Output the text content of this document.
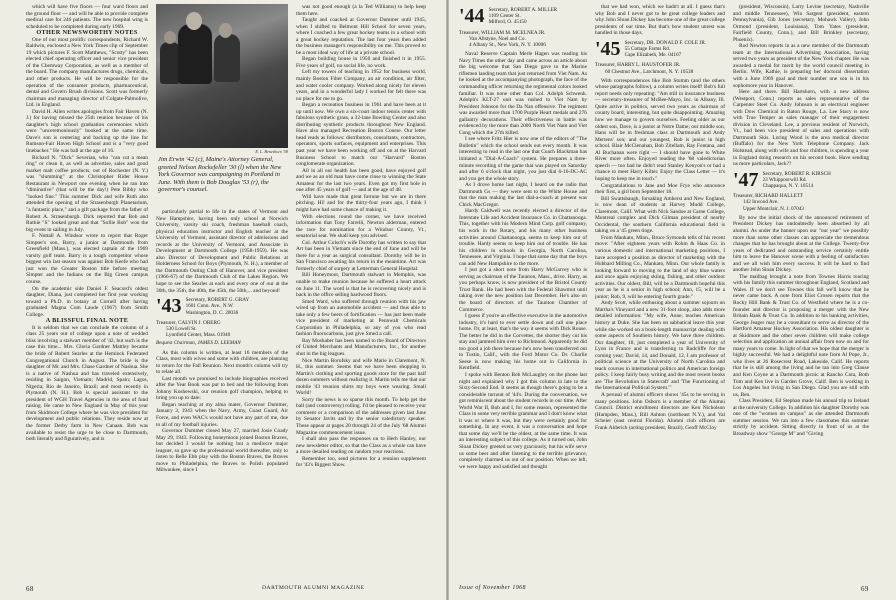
which will have five floors — four ward floors and the ground floor — and will be able to provide complete medical care for 246 patients. The new hospital wing is scheduled to be completed during early 1969.

OTHER NEWSWORTHY NOTES

One of our most prolific correspondents, Richard W. Baldwin, enclosed a New York Times clip of September 19 which pictures F. Scott Matthews, "Scotty" has been elected chief operating officer and senior vice president of the Chemway Corporation, as well as a member of the board. The company manufactures drugs, chemicals, and other products. He will be responsible for the operation of the consumer products, pharmaceutical, dental and Govern Brush divisions. Scott was formerly chairman and managing director of Colgate-Palmolive, Ltd. in England.

David H. Allen writes apologies from Fair Haven (N. J.) for having missed the 25th reunion because of his daughter's high school graduation ceremonies which were "unceremoniously" booked at the same time. Dave's son is centering and backing up the line for Rumson-Fair Haven High School and is a "very good linebacker." He was ball at the age of 16.

Richard N. "Dick" Severian, who "can cut a mean ring" or clean it, as well as advertise, sales and good market malt coffee products, out of Rochester (N. Y.) was "slumming" at the Christopher Rider House Restaurant in Newport one evening when he ran into "diminutive" (that will be the day!) Pete Bibby who "looked fine." This summer Dick and wife Ruth also attended the opening of the Strasenburgh Planetarium, "a fantastic place," and a gift package from the father of Robert A. Strasenburgh. Dick reported that Bob and Ruthie "S" looked great and that "Sollie Bob" won the big event in sailing in July.

F. Nuttall A. Windsor wrote to report that Roger Simpter's son, Barry, a junior at Dartmouth from Greenfield (Mass.), was elected captain of the 1969 varsity golf team. Barry is a tough competitor whose biggest win last season was against Bob Keefe who had just won the Greater Boston title before meeting Simpter and the Indians on the Big Green campus course.

On the academic side Daniel F. Seacord's oldest daughter, Diana, just completed her first year working toward a Ph.D. in botany at Cornell after having graduated Magna Cum Laude (1967) from Smith College.

A BLISSFUL FINAL NOTE

It is seldom that we can conclude the column of a class 25 years out of college upon a note of wedded bliss involving a stalwart member of '42, but such is the case this time... Mrs. Gloria Gardner Mattley became the bride of Robert Searles at the Hemlock Federated Congregational Church in August. The bride is the daughter of Mr. and Mrs. Chase Gardner of Nashua. She is a native of Nashua and has traveled extensively, residing in Saigon, Vietnam; Madrid, Spain; Lagos, Nigeria; Rio de Janeiro, Brazil; and most recently in Plymouth (N. H.). Bob is special assistant to the president of WGH Travel Agencies in the area of fund raising. He came to New England in May of this year from Skidmore College where he was vice president for development and public relations. They reside now at the former Derby farm in New Canaan. Bob was available to resist the urge to be close to Dartmouth, both literally and figuratively, and is

E. L. Benedixen '58
Jim Erwin '42 (c), Maine's Attorney General, greeted Nelson Rockefeller '30 (l) when the New York Governor was campaigning in Portland in June. With them is Bob Douglas '53 (r), the governor's counsel.

particularly partial to life in the states of Vermont and New Hampshire, having been only school at Norwich University, varsity ski coach, freshman baseball coach, physical education instructor and English teacher at the University of Vermont, assistant director of admissions and records at the University of Vermont, and Associate in Development at Dartmouth College (1958-1959). He was also Director of Development and Public Relations at Holderness School for Boys (Plymouth, N. H.), a member of the Dartmouth Outing Club of Hanover, and vice president (1966-67) of the Dartmouth Club of the Lakes Region. We hope to see the Searles at each and every one of our at the 30th, the 35th, the 40th, the 45th, the 50th,... and beyond!

'43 Secretary, ROBERT G. GRAY
1601 Conn. Ave., N.W.
Washington, D. C. 20036
Treasurer, CALVIN J. OBERG
530 Lowell St.
Lynnfield Center, Mass. 01940
Bequest Chairman, JAMES D. LEEMAN

As this column is written, at least 16 members of the Class, most with wives and some with children, are planning to return for the Fall Reunion. Next month's column will try to relate all.

Last month we promised to include biographies received after the Year Book was put to bed and the following from Johnny Koshewski, our reunion golf champion, helping to bring you up to date:

Began teaching at my alma mater, Governor Dummer, January 3, 1943 when the Navy, Army, Coast Guard, Air Force, and even WAC's would not have any part of me, due to all of my football injuries.

Governor Dummer closed May 27, married Josie Coady May 29, 1943. Following honeymoon joined Boston Braves, but decided I would be nothing but a mediocre major leaguer, so gave up the professional world thereafter, only to listen to Belle Ebb play with the Boston Braves, the Braves move to Philadelphia, the Braves to Polish populated Milwaukee, since I

was not good enough (a la Ted Williams) to help keep them here.

Taught and coached at Governor Dummer until 1945, when I shifted to Belmont Hill School for seven years, where I coached a few great hockey teams in a school with a great hockey reputation. The last four years then added the business manager's responsibility on me. This proved to be a most ideal way of life at a private school.

Began building house in 1950 and finished it in 1955. Five years of golf, no social life, no work.

Left my towers of teaching in 1952 for business world, mainly Boston Filter Company, an air condition, air filter, and water cooler company. Worked along nicely for eleven years, and in a wonderful lady I worked for felt there was no place for me to go.

Began a recreation business in 1961 and have been at it up until now. We own a six-court indoor tennis center with fabulous synthetic grass, a 32-lane Bowling Center and also distributing synthetic products throughout New England. Have also managed Recreation Boston Course. Our letter head reads as follows: distributors, consultants, contractors, operators, sports surfaces, equipment and enterprises. This past year we have been working off and on at the Harvard Business School to match our "Harvard" Boston conglomerate organization.

All in all our health has been good, have enjoyed golf and we as an old man have come close to winning the State Amateur for the last two years. Even got my first hole in one after 45 years of golf — and at the age of 48.

Will have made that great fortune but we are in there pitching. Hi! and for the thirty-four years ago, I think I might have had some chance of making it.

With elections round the corner, we have received information that Tony Farrelli, Newton alderman, entered the race for nomination for a Windsor County, Vt., senatorial seat. We shall keep you advised.

Col. Arthur Colsch's wife Dorothy has written to say that Art has been in Vietnam since the end of June and will be there for a year as surgical consultant. Dorothy will be in San Francisco awaiting his return in the meantime. Art was formerly chief of surgery at Letterman General Hospital.

Bill Honeymoor, Dartmouth stalwart in Memphis, was unable to make reunion because he suffered a heart attack on June 11. The word is that he is recovering nicely and is back in the office selling hardwood floors.

Smed Ward, who suffered through reunion with his jaw wired up from an automobile accident — and thus able to take only a few beers of fortification — has just been made vice president of marketing at Pennwalt Chemicals Corporation in Philadelphia, so any of you who read fashion fluorocarbons, just give Smed a call.

Ray Moshaber has been named to the Board of Directors of United Merchants and Manufacturers, Inc., for another shot in the big leagues.

Nice Martin Borofsky and wife Marie in Claremont, N. H., this summer. Seems that we have been shopping in Martin's clothing and sporting goods store for the past half dozen summers without realizing it. Martin tells me that our mobile '43 reunion shirts my boys were wearing. Small World!

Sorry the news is so sparse this month. To help get the ball (and controversy) rolling. I'd be pleased to receive your comment or a comparison of the addresses given last June by Senator Javits and by the senior valedictory speaker. These appear at pages 20 through 24 of the July '68 Alumni Magazine commencement issue.

I shall also pass the responses on to Herb Hanley, our new newsletter editor, so that the Class as a whole can have a more detailed reading on random your reactions.

Remember too, send pictures for a reunion supplement for '43's Biggest Show.

68	DARTMOUTH ALUMNI MAGAZINE
'44 Secretary, ROBERT A. MILLER
1109 Center St.
Milford, O. 45150
Treasurer, WILLIAM M. MCELNEA JR.
Van Allstyne, Noel and Co.
4 Albany St., New York, N. Y. 10006

Naval Reserve Captain Merle Hagen was reading his Navy Times the other day and came across an article about the big welcome that San Diego gave to the Marine riflemen landing team that just returned from Viet Nam. As he looked at the accompanying photograph, the face of the commanding officer returning the regimental colors looked familiar. It was none other than Col. Adolph Schwenk. Adolph's KLT-27 unit was rushed to Viet Nam by President Johnson for the Da Nan offensive. The regiment was awarded more than 1700 Purple Heart medals and 276 gallantry decorations. Their effectiveness in battle was evidenced by the more than 2000 North Viet Nam and Viet Cong which the 27th killed.

I see where Fritz Hier is now one of the editors of "The Bulletin" which the school sends out every month. It was interesting to read in the last one that Coach Blackman has initiated a "Dial-A-Coach" system. He prepares a three-minute recording of the game that was played on Saturday and after 6 o'clock that night, you just dial 6-16-DC-AC and you get the whole story.

As I drove home last night, I heard on the radio that Dartmouth Gs — they were sent to the White House and that the man making the last dial-a-coach at present was Chick MacGregor.

Hardy Caldwell was recently elected a director of the Interstate Life and Accident Insurance Co. in Chattanooga. This, together with his Modern Mind Corp. golf company, his work in the Rotary, and his many other business activities around Chattanooga, seems to keep him out of trouble. Hardy seems to keep him out of trouble. He has his children in schools in Georgia, North Carolina, Tennessee, and Virginia. I hope that some day that the boys can add New Hampshire to the more.

I just got a short note from Harry McGarvey who is serving as chairman of the Taunton, Mass., drive. Harry, as you perhaps know, is now president of the Bristol County Trust Bank. He had been with the Federal Shawmut until taking over the new position last December. He's also on the board of directors of the Taunton Chamber of Commerce.

I guess if you're an effective executive in the automotive industry, it's hard to ever settle down and call one place home. Or, at least, that's the way it seems with Dick Rouse. The better he did in the Corvettes, the shorter they cut his stay and jammed him over to Richmond. Apparently he did too good a job there because he's now been transferred out to Tustin, Calif., with the Ford Motor Co. Dr. Charlie Seese is now making his home out in California in Kentfield.

I spoke with Benton Bob McLaughry on the phone last night and explained why I got this column in late to the Sixty-Second End. It seems as though there's going to be a considerable turnout of '44's. During the conversation, we got reminiscent about the student records in our time. After World War II, Bob and I, for some reason, represented the Class in some very terrible grammar and I don't know what it was or where it was, but they were certainly good for something. In any event, it was a conversation and hope that some day we'll be the oldest, at the same time. It was an interesting subject of this college. As it turned out, John Sloan Dickey greeted us very graciously, but his wife serve us some beer and after listening to the terrible grievance, completely charmed us out of our position. When we left, we were happy and satisfied and thought

that we had won, which we hadn't at all. I guess that's why Bob and I never got to be great college leaders and why John Sloan Dickey has become one of the great college presidents of our time. But that's how student unrest was handled in those days.

'45 Secretary, DR. DONALD F. COLE JR.
55 Cottage Farms Rd.
Cape Elizabeth, Me. 04107
Treasurer, HARRY L. HAUSTOFER JR.
60 Chestnut Ave., Larchmont, N. Y. 10538

With correspondences like Bob Stumm (and the others whose paragraphs follow), a column writes itself! Bob's full report needs only repeating: "Am still in insurance business — secretary-treasurer of McBee-Mayo, Inc. in Albany, Ill. Quite active in politics, served two years as chairman of county board, interesting, but quite disappointing. Amazing how we manage to govern ourselves. Feeling older as our oldest son, Dave, is a junior at Notre Dame; our middle son, Hans will be in freshman class at Dartmouth and Andy Mertens' son; and our youngest, Rob is junior in high school. Blair McClenahan, Bob Zitellam, Ray Fontana, and Al Buchanan were right — I should have gone to White River more often. Enjoyed reading the '68 valedictorian speech — too bad he didn't read Stanley Kenyon's or had a chance to meet Harry Kilter. Enjoy the Class Letter — it's hoping to keep me in touch."

Congratulations to Jane and Moe Frye who announce their first, a girl born September 18.

Bill Swattsbaugh, forsaking Amherst and New England, is now dean of students at Harvey Mudd College, Claremont, Calif. What with Nick Sandoe at Carne College, Montreal complex and Dick Gilman president of nearby Occidental, the southern California educational field is taking on a '45 green tinge.

From Mankato, Minn., Bruce Symonds tells of his recent move: "After eighteen years with Rohm & Haas Co. in various domestic and international marketing positions, I have accepted a position as director of marketing with the Hubbard Milling Co., Mankato, Minn. Our whole family is looking forward to moving to the land of sky blue waters and once again enjoying skiing, fishing, and other outdoor activities. Our oldest, Bill, will be a Dartmouth hopeful this year as he is a senior in high school; Ann, 15, will be a junior; Rob, 9, will be entering fourth grade."

Andy Scott, while enthusing about a summer sojourn on Martha's Vineyard and a new 31-foot sloop, also adds more detailed information: "My wife, Anne, teaches American history at Duke. She has been on sabbatical leave this year while she worked on a book-length manuscript dealing with some aspects of Southern history. We have three children. Our daughter, 18, just completed a year of University of Lyon in France and is transferring to Radcliffe for the coming year; David, 14, and Donald, 12, I am professor of political science at the University of North Carolina and teach courses in international politics and American foreign policy. I keep fairly busy writing and the most recent books are 'The Revolution in Statecraft' and 'The Functioning of the International Political System.'"

A perusal of alumni officers shows '45s to be serving in many positions. John Osborn is a member of the Alumni Council. District enrollment directors are Ken Nicholson (Hampden, Mass.), Bill Ashton (northeast N.Y.), and Val Scheier (east central Florida). Alumni club officers are Frank Alderich (acting president, Brazil), Geoff McCloy

(president, Wisconsin), Larry Levine (secretary, Nashville and middle Tennessee), Win Sargent (president, eastern Pennsylvania), Gib Jones (secretary, Mohawk Valley), John Ormond (president, Louisiana), Tom Yates (president, Fairfield County, Conn.), and Bill Brinkley (secretary, Phoenix).

Rod Newton reports in as a new member of the Dartmouth team at the International Advertising Association, having served two years as president of the New York chapter. He was awarded a medal for merit by the world council meeting in Berlin. Wife, Kathie, is preparing her doctoral dissertation with a June 1969 goal and their number one son is in his sophomore year in Hanover.

Here and there. Bill Hartshorn, with a new address (Westport, Conn.) reports as sales representative of the Carpenter Steel Co. Andy Johnson is an electrical engineer with Dow Chemical in Baton Rouge, La. Lee Stacy is now with True Temper as sales manager of their engagement division in Cleveland. Lee, a previous resident of Norwich, Vt., had been vice president of sales and operations with Dartmouth Skis. Loring Wood is the area medical director (Buffalo) for the New York Telephone Company. Jack Holstead, along with wife and four children, is spending a year in England doing research on his second book. Have sending us more particulars, Jack??

'47 Secretary, ROBERT R. KIRSCH
23 Whippoorwill Rd.
Chappaqua, N. Y. 10514
Treasurer, RICHARD HALLETT
142 Inwood Ave.
Upper Montclair, N. J. 07043

By now the initial shock of the announced retirement of President Dickey has undoubtedly been absorbed by all alumni. As under the banner upon our "our year" we possibly more than some other classes can appreciate the tremendous changes that he has brought about at the College. Twenty-five years of dedicated and outstanding service certainly entitle him to leave the Hanover scene with a feeling of satisfaction and we all wish him every success. It will be hard to find another John Sloan Dickey.

The mailbag brought a note from Townes Harris touring with his family this summer throughout England, Scotland and Wales. If we don't see Townes this fall we'll know that he never came back. A note from Eliot Crosen reports that the Rocky Hill Bank & Trust Co. of Westfield where he is a co-founder and director is proposing a merger with the New Britain Bank & Trust Co. In addition to his banking activities, George Jeager may be a consultant to serve as director of the Hartford Amateur Hockey Association. His oldest daughter is at Skidmore and the other seven children will make college selection and application an annual affair from now on and for many years to come. In light of that we hope that the merger is highly successful. We had a delightful note from Al Pope, Jr., who lives at 26 Rosecrest Road, Lakeside, Calif. He reports that he is still among the living and he ran into Greg Clause and Ken Coyne at a Dartmouth picnic at Rancho Cota, Both Tom and Ken live in Garden Grove, Calif. Ben is working in Los Angeles but living in San Diego. Glad you are still with us, Ben.

Class President, Ed Stephan made his annual trip to Ireland at the university College. In addition his daughter Dorothy was one of the "women on campus" as she attended Dartmouth summer session. We ran into a few classmates this summer strictly by accident. Sitting directly in front of us at the Broadway show "George M" and "Giving

Issue of November 1968	69
